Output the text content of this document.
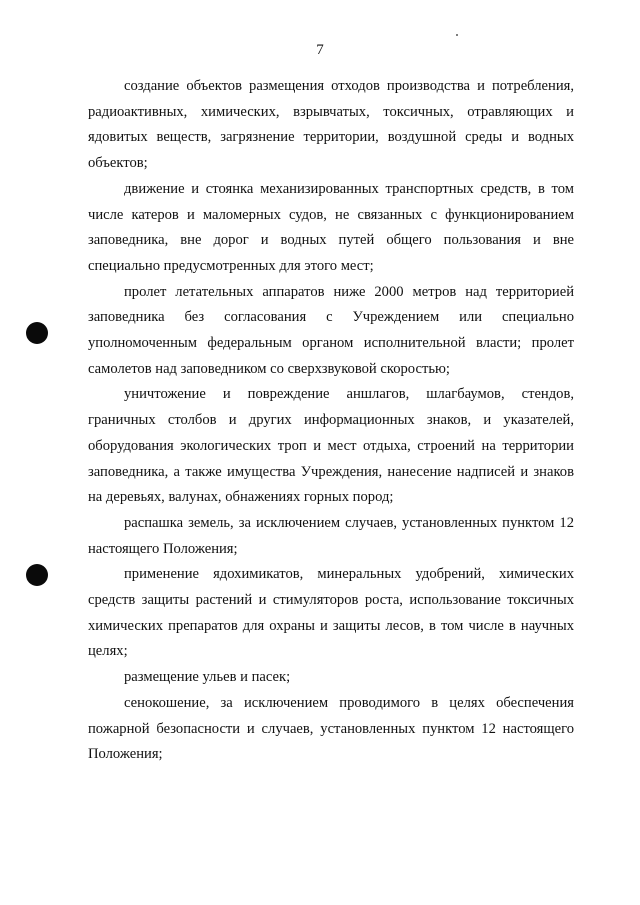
7

создание объектов размещения отходов производства и потребления, радиоактивных, химических, взрывчатых, токсичных, отравляющих и ядовитых веществ, загрязнение территории, воздушной среды и водных объектов;

движение и стоянка механизированных транспортных средств, в том числе катеров и маломерных судов, не связанных с функционированием заповедника, вне дорог и водных путей общего пользования и вне специально предусмотренных для этого мест;

пролет летательных аппаратов ниже 2000 метров над территорией заповедника без согласования с Учреждением или специально уполномоченным федеральным органом исполнительной власти; пролет самолетов над заповедником со сверхзвуковой скоростью;

уничтожение и повреждение аншлагов, шлагбаумов, стендов, граничных столбов и других информационных знаков, и указателей, оборудования экологических троп и мест отдыха, строений на территории заповедника, а также имущества Учреждения, нанесение надписей и знаков на деревьях, валунах, обнажениях горных пород;

распашка земель, за исключением случаев, установленных пунктом 12 настоящего Положения;

применение ядохимикатов, минеральных удобрений, химических средств защиты растений и стимуляторов роста, использование токсичных химических препаратов для охраны и защиты лесов, в том числе в научных целях;

размещение ульев и пасек;

сенокошение, за исключением проводимого в целях обеспечения пожарной безопасности и случаев, установленных пунктом 12 настоящего Положения;
